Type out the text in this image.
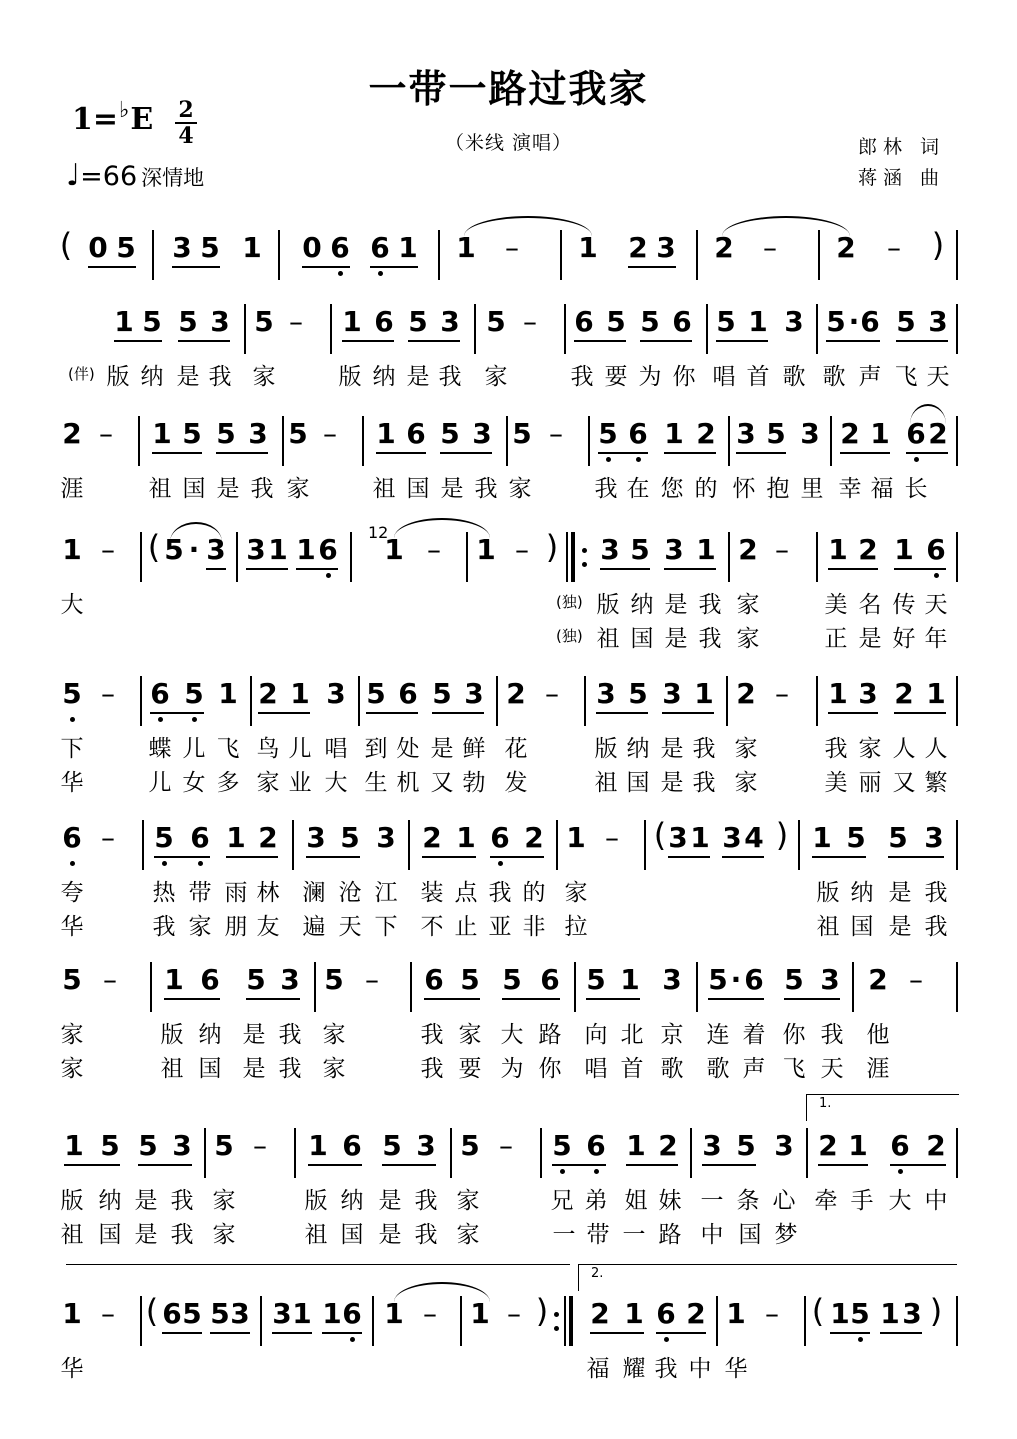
一带一路过我家
1=♭E 2
4
♩=66 深情地
（米线 演唱）	郎林 词
蒋涵 曲
( 0 5 3 5 1 0 6 6 1 1 – 1 2 3 2 – 2 – )
1 5 5 3 5 – 1 6 5 3 5 – 6 5 5 6 5 1 3 5 · 6 5 3
(伴) 版 纳 是 我 家	版 纳 是 我 家	我 要 为 你 唱 首 歌 歌 声 飞 天
2 – 1 5 5 3 5 – 1 6 5 3 5 – 5 6 1 2 3 5 3 2 1 6 2
涯	祖 国 是 我 家	祖 国 是 我 家	我 在 您 的 怀 抱 里 幸 福 长
1 – ( 5 · 3 3 1 1 6
12
1 – 1 – ) 3 5 3 1 2 – 1 2 1 6
大	(独) 版 纳 是 我 家	美 名 传 天
(独) 祖 国 是 我 家	正 是 好 年
5 – 6 5 1 2 1 3 5 6 5 3 2 – 3 5 3 1 2 – 1 3 2 1
下	蝶 儿 飞 鸟 儿 唱 到 处 是 鲜 花	版 纳 是 我 家	我 家 人 人
华	儿 女 多 家 业 大 生 机 又 勃 发	祖 国 是 我 家	美 丽 又 繁
6 – 5 6 1 2 3 5 3 2 1 6 2 1 – ( 3 1 3 4 ) 1 5 5 3
夸	热 带 雨 林 澜 沧 江 装 点 我 的 家	版 纳 是 我
华	我 家 朋 友 遍 天 下 不 止 亚 非 拉	祖 国 是 我
5 – 1 6 5 3 5 – 6 5 5 6 5 1 3 5 · 6 5 3 2 –
家	版 纳 是 我 家	我 家 大 路 向 北 京 连 着 你 我 他
家	祖 国 是 我 家	我 要 为 你 唱 首 歌 歌 声 飞 天 涯
1.
1 5 5 3 5 – 1 6 5 3 5 – 5 6 1 2 3 5 3 2 1 6 2
版 纳 是 我 家	版 纳 是 我 家	兄 弟 姐 妹 一 条 心 牵 手 大 中
祖 国 是 我 家	祖 国 是 我 家	一 带 一 路 中 国 梦
2.
1 – ( 6 5 5 3 3 1 1 6 1 – 1 – ) 2 1 6 2 1 – ( 1 5 1 3 )
华	福 耀 我 中 华
